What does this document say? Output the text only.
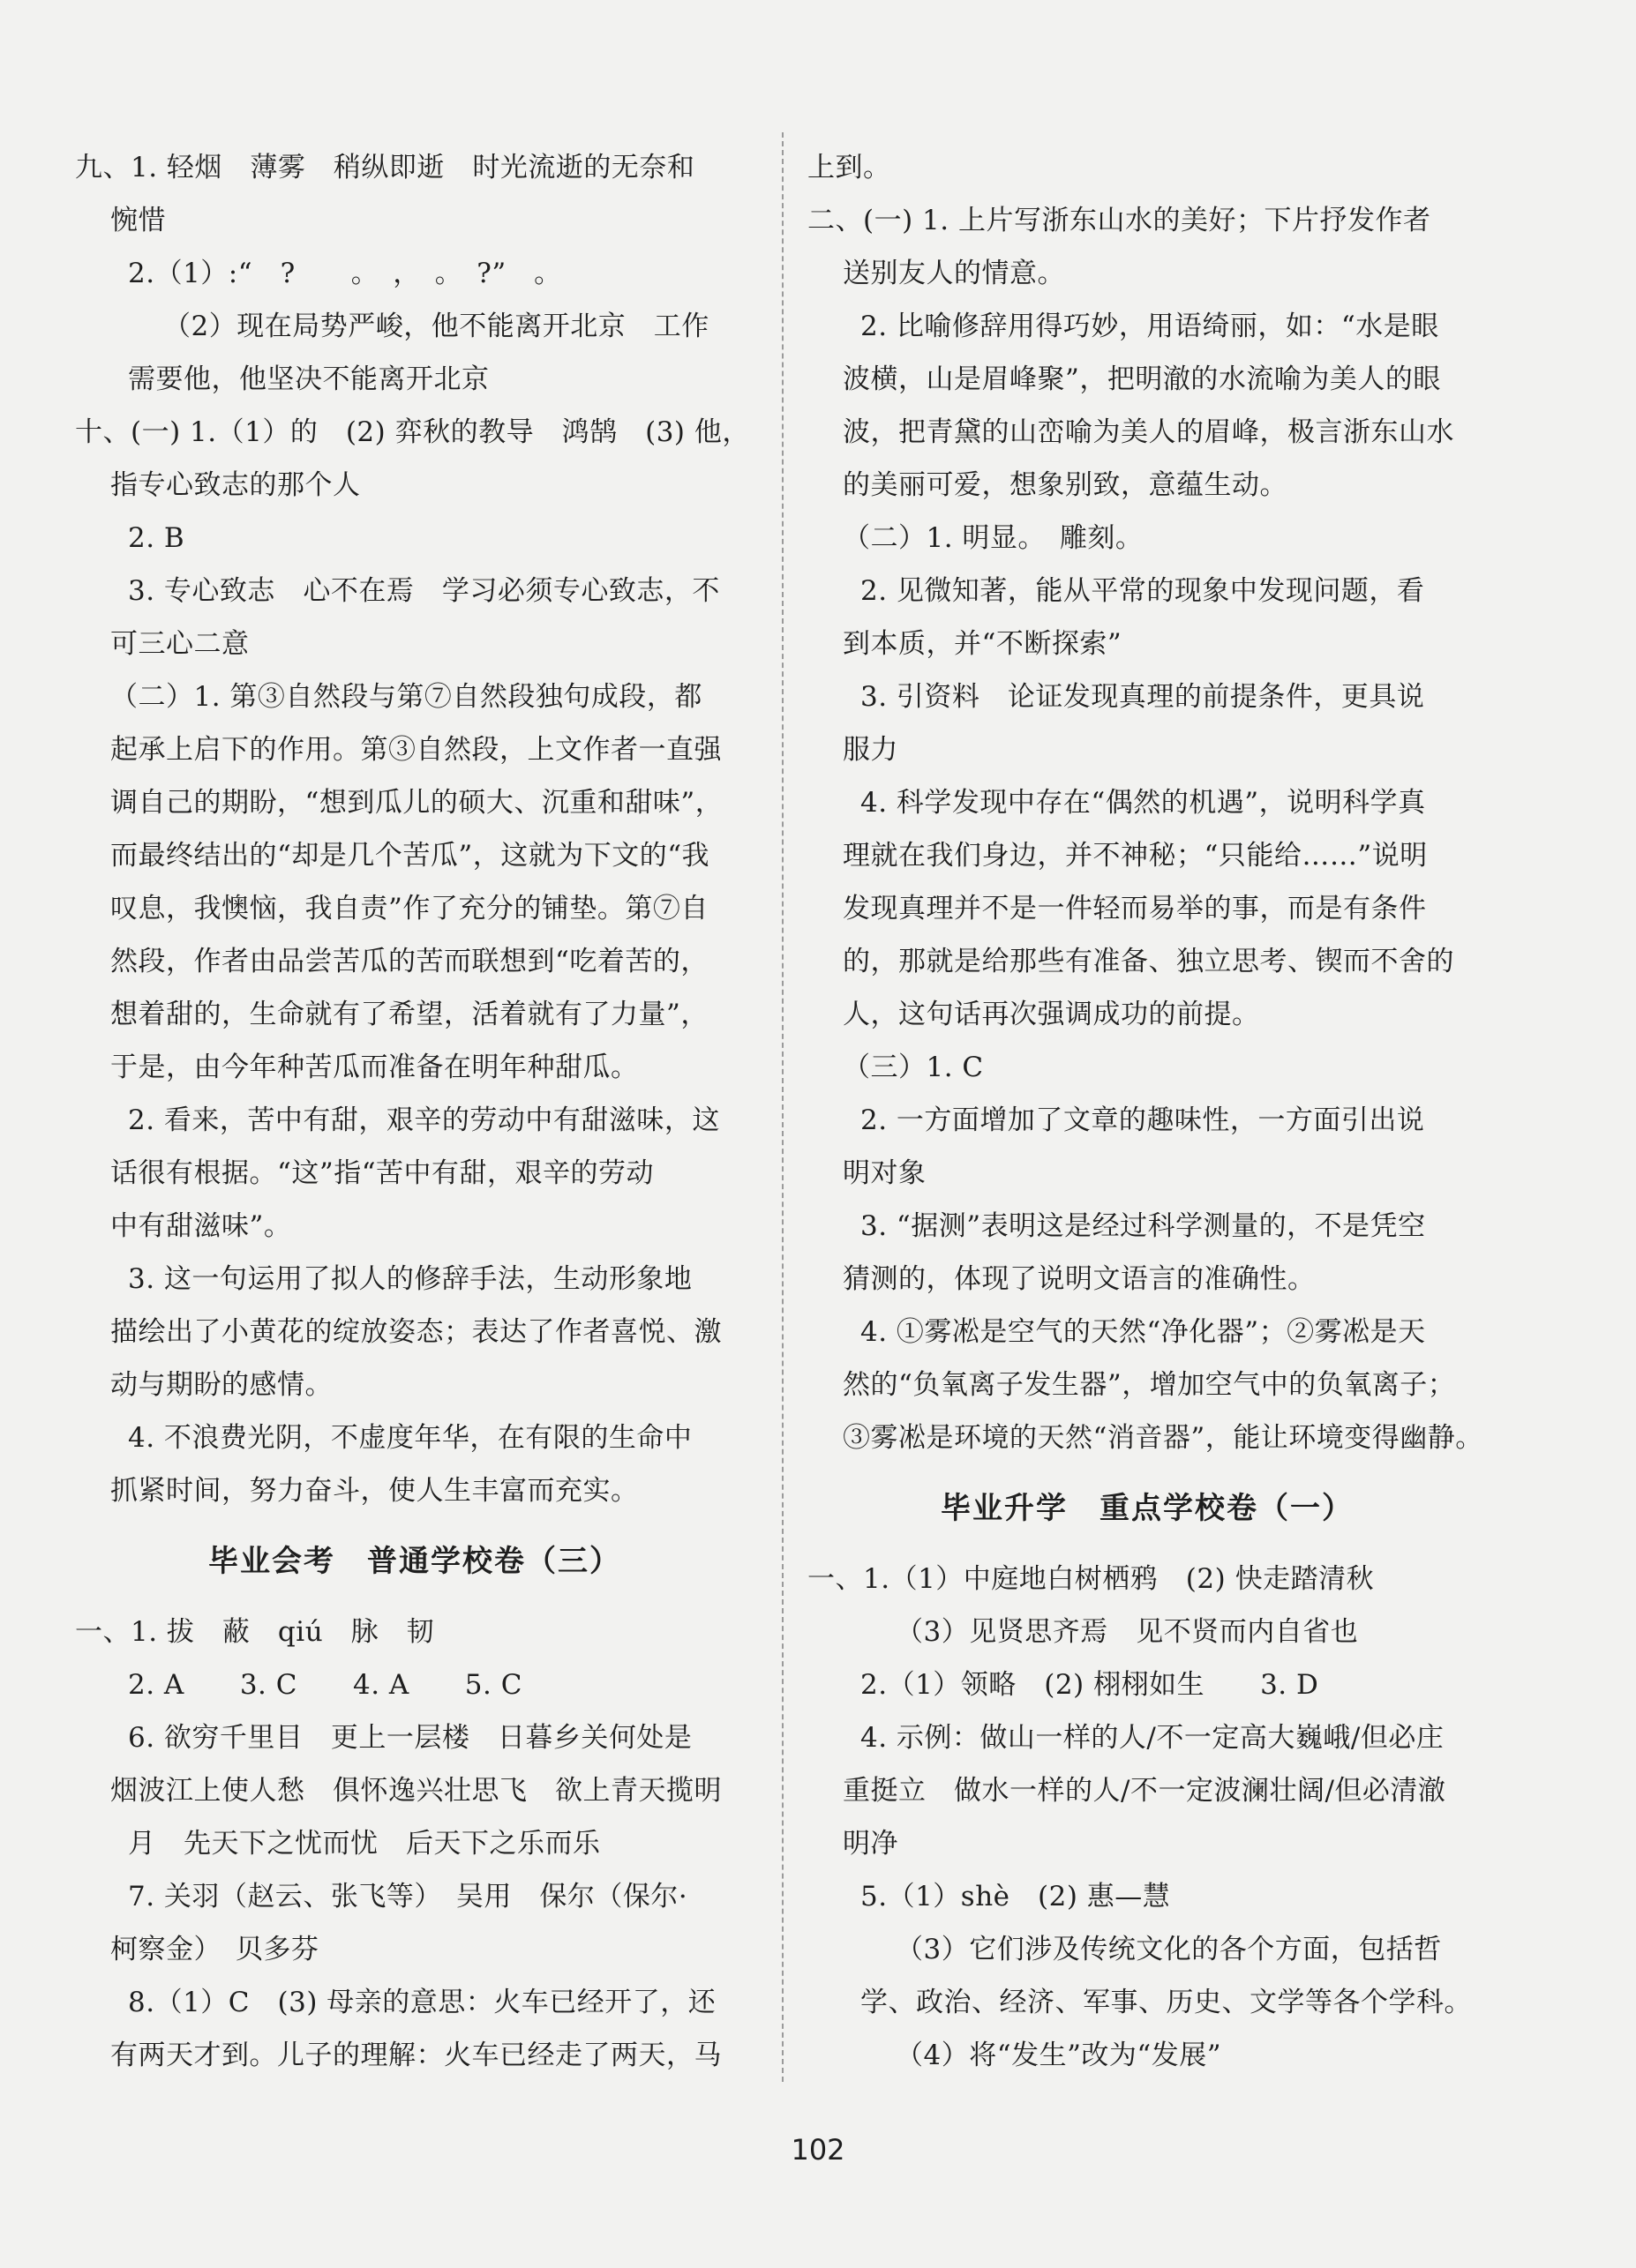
九、1. 轻烟　薄雾　稍纵即逝　时光流逝的无奈和
惋惜
2.（1）:“　?　　。　，　。　?”　。
（2）现在局势严峻，他不能离开北京　工作
需要他，他坚决不能离开北京
十、(一) 1.（1）的　(2) 弈秋的教导　鸿鹄　(3) 他，
指专心致志的那个人
2. B
3. 专心致志　心不在焉　学习必须专心致志，不
可三心二意
（二）1. 第③自然段与第⑦自然段独句成段，都
起承上启下的作用。第③自然段，上文作者一直强
调自己的期盼，“想到瓜儿的硕大、沉重和甜味”，
而最终结出的“却是几个苦瓜”，这就为下文的“我
叹息，我懊恼，我自责”作了充分的铺垫。第⑦自
然段，作者由品尝苦瓜的苦而联想到“吃着苦的，
想着甜的，生命就有了希望，活着就有了力量”，
于是，由今年种苦瓜而准备在明年种甜瓜。
2. 看来，苦中有甜，艰辛的劳动中有甜滋味，这
话很有根据。“这”指“苦中有甜，艰辛的劳动
中有甜滋味”。
3. 这一句运用了拟人的修辞手法，生动形象地
描绘出了小黄花的绽放姿态；表达了作者喜悦、激
动与期盼的感情。
4. 不浪费光阴，不虚度年华，在有限的生命中
抓紧时间，努力奋斗，使人生丰富而充实。
毕业会考　普通学校卷（三）
一、1. 拔　蔽　qiú　脉　韧
2. A　　3. C　　4. A　　5. C
6. 欲穷千里目　更上一层楼　日暮乡关何处是
烟波江上使人愁　俱怀逸兴壮思飞　欲上青天揽明
月　先天下之忧而忧　后天下之乐而乐
7. 关羽（赵云、张飞等）　吴用　保尔（保尔·
柯察金）　贝多芬
8.（1）C　(3) 母亲的意思：火车已经开了，还
有两天才到。儿子的理解：火车已经走了两天，马
上到。
二、(一) 1. 上片写浙东山水的美好；下片抒发作者
送别友人的情意。
2. 比喻修辞用得巧妙，用语绮丽，如：“水是眼
波横，山是眉峰聚”，把明澈的水流喻为美人的眼
波，把青黛的山峦喻为美人的眉峰，极言浙东山水
的美丽可爱，想象别致，意蕴生动。
（二）1. 明显。　雕刻。
2. 见微知著，能从平常的现象中发现问题，看
到本质，并“不断探索”
3. 引资料　论证发现真理的前提条件，更具说
服力
4. 科学发现中存在“偶然的机遇”，说明科学真
理就在我们身边，并不神秘；“只能给……”说明
发现真理并不是一件轻而易举的事，而是有条件
的，那就是给那些有准备、独立思考、锲而不舍的
人，这句话再次强调成功的前提。
（三）1. C
2. 一方面增加了文章的趣味性，一方面引出说
明对象
3. “据测”表明这是经过科学测量的，不是凭空
猜测的，体现了说明文语言的准确性。
4. ①雾凇是空气的天然“净化器”；②雾凇是天
然的“负氧离子发生器”，增加空气中的负氧离子；
③雾凇是环境的天然“消音器”，能让环境变得幽静。
毕业升学　重点学校卷（一）
一、1.（1）中庭地白树栖鸦　(2) 快走踏清秋
（3）见贤思齐焉　见不贤而内自省也
2.（1）领略　(2) 栩栩如生　　3. D
4. 示例：做山一样的人/不一定高大巍峨/但必庄
重挺立　做水一样的人/不一定波澜壮阔/但必清澈
明净
5.（1）shè　(2) 惠—慧
（3）它们涉及传统文化的各个方面，包括哲
学、政治、经济、军事、历史、文学等各个学科。
（4）将“发生”改为“发展”
102
